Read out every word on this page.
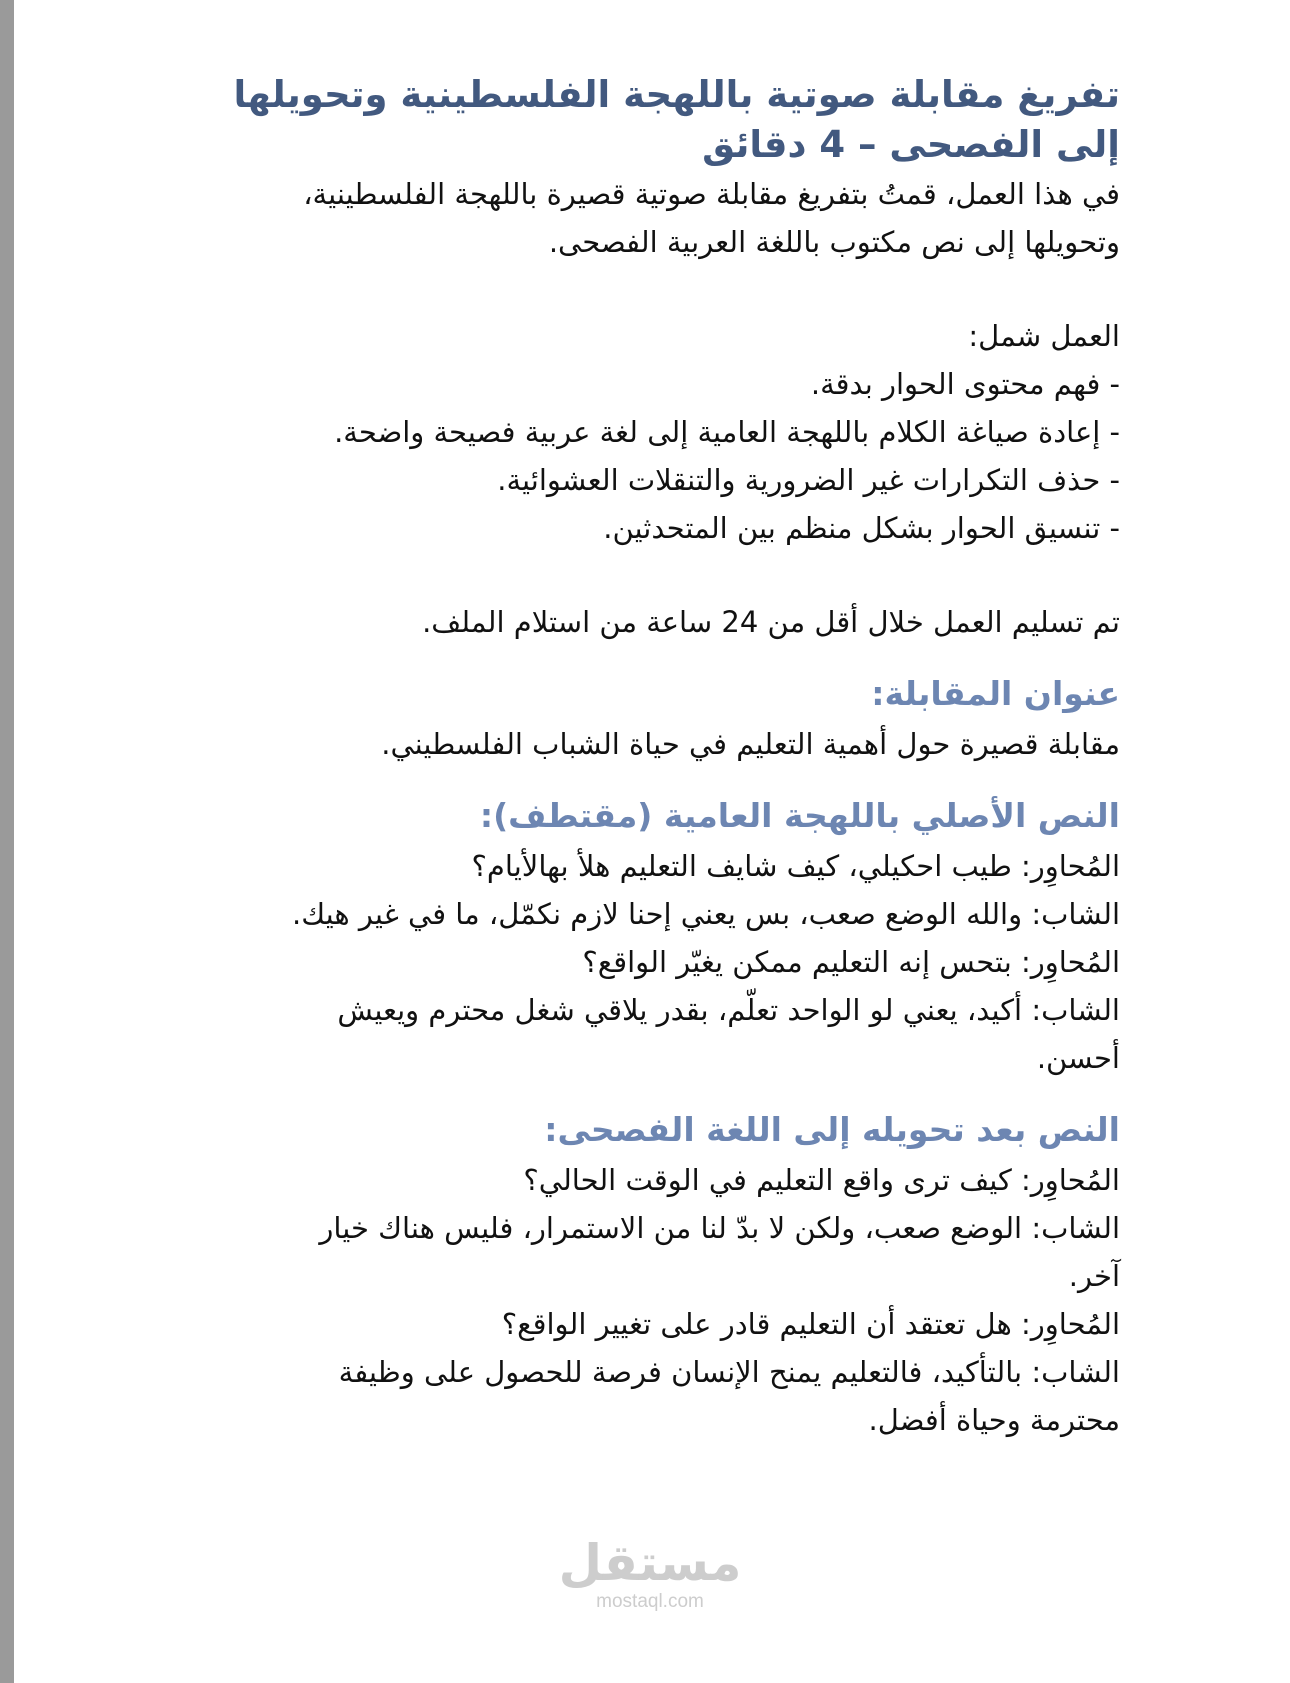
تفريغ مقابلة صوتية باللهجة الفلسطينية وتحويلها
إلى الفصحى – 4 دقائق

في هذا العمل، قمتُ بتفريغ مقابلة صوتية قصيرة باللهجة الفلسطينية،
وتحويلها إلى نص مكتوب باللغة العربية الفصحى.

العمل شمل:

- فهم محتوى الحوار بدقة.

- إعادة صياغة الكلام باللهجة العامية إلى لغة عربية فصيحة واضحة.

- حذف التكرارات غير الضرورية والتنقلات العشوائية.

- تنسيق الحوار بشكل منظم بين المتحدثين.

تم تسليم العمل خلال أقل من 24 ساعة من استلام الملف.

عنوان المقابلة:

مقابلة قصيرة حول أهمية التعليم في حياة الشباب الفلسطيني.

النص الأصلي باللهجة العامية (مقتطف):

المُحاوِر: طيب احكيلي، كيف شايف التعليم هلأ بهالأيام؟

الشاب: والله الوضع صعب، بس يعني إحنا لازم نكمّل، ما في غير هيك.

المُحاوِر: بتحس إنه التعليم ممكن يغيّر الواقع؟

الشاب: أكيد، يعني لو الواحد تعلّم، بقدر يلاقي شغل محترم ويعيش

أحسن.

النص بعد تحويله إلى اللغة الفصحى:

المُحاوِر: كيف ترى واقع التعليم في الوقت الحالي؟

الشاب: الوضع صعب، ولكن لا بدّ لنا من الاستمرار، فليس هناك خيار

آخر.

المُحاوِر: هل تعتقد أن التعليم قادر على تغيير الواقع؟

الشاب: بالتأكيد، فالتعليم يمنح الإنسان فرصة للحصول على وظيفة

محترمة وحياة أفضل.

مستقل
mostaql.com
